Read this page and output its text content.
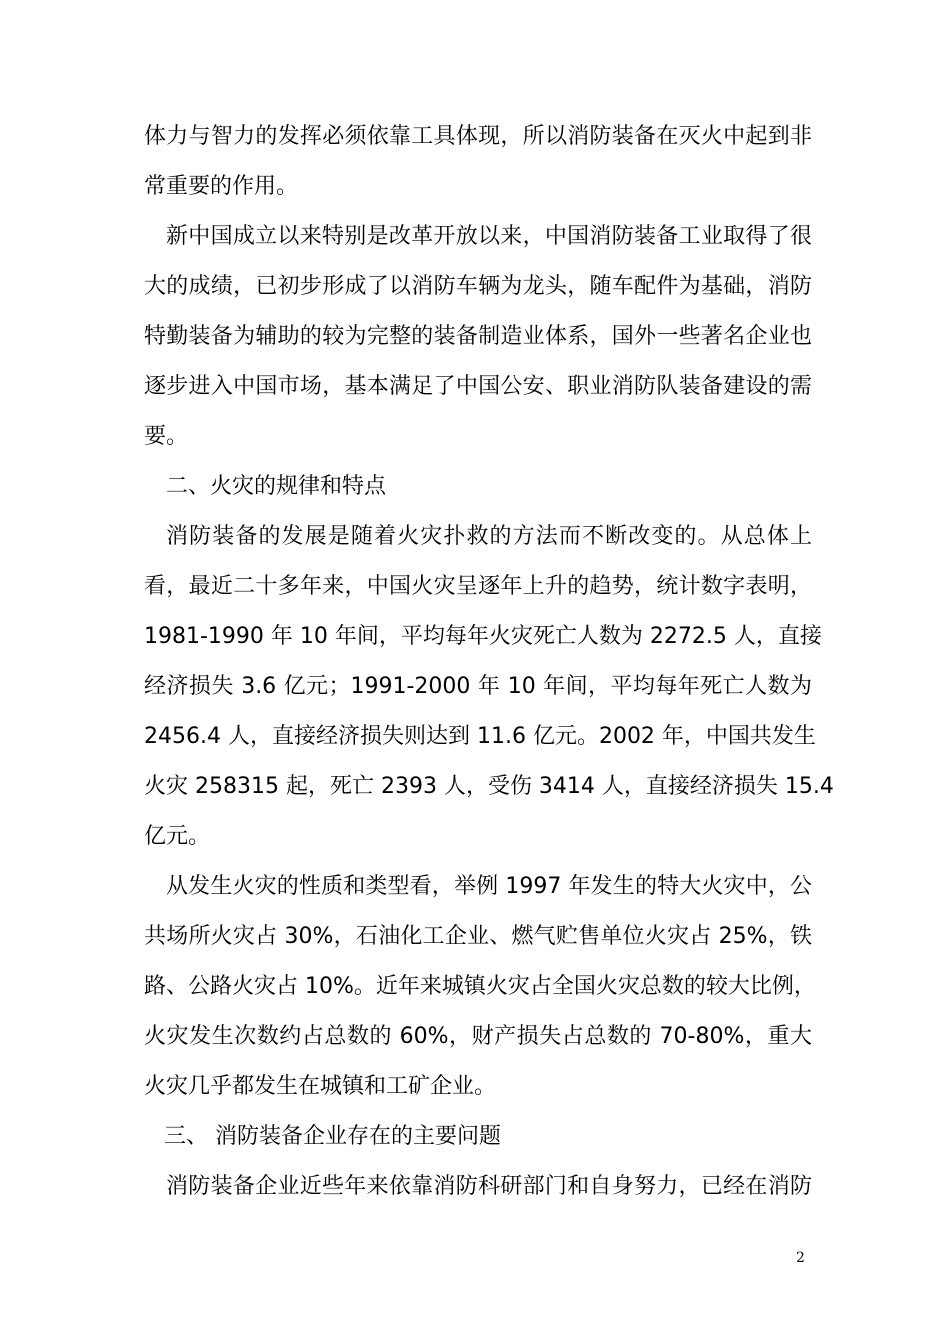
体力与智力的发挥必须依靠工具体现，所以消防装备在灭火中起到非
常重要的作用。
新中国成立以来特别是改革开放以来，中国消防装备工业取得了很
大的成绩，已初步形成了以消防车辆为龙头，随车配件为基础，消防
特勤装备为辅助的较为完整的装备制造业体系，国外一些著名企业也
逐步进入中国市场，基本满足了中国公安、职业消防队装备建设的需
要。
二、火灾的规律和特点
消防装备的发展是随着火灾扑救的方法而不断改变的。从总体上
看，最近二十多年来，中国火灾呈逐年上升的趋势，统计数字表明，
1981-1990 年 10 年间，平均每年火灾死亡人数为 2272.5 人，直接
经济损失 3.6 亿元；1991-2000 年 10 年间，平均每年死亡人数为
2456.4 人，直接经济损失则达到 11.6 亿元。2002 年，中国共发生
火灾 258315 起，死亡 2393 人，受伤 3414 人，直接经济损失 15.4
亿元。
从发生火灾的性质和类型看，举例 1997 年发生的特大火灾中，公
共场所火灾占 30%，石油化工企业、燃气贮售单位火灾占 25%，铁
路、公路火灾占 10%。近年来城镇火灾占全国火灾总数的较大比例，
火灾发生次数约占总数的 60%，财产损失占总数的 70-80%，重大
火灾几乎都发生在城镇和工矿企业。
三、 消防装备企业存在的主要问题
消防装备企业近些年来依靠消防科研部门和自身努力，已经在消防
2
